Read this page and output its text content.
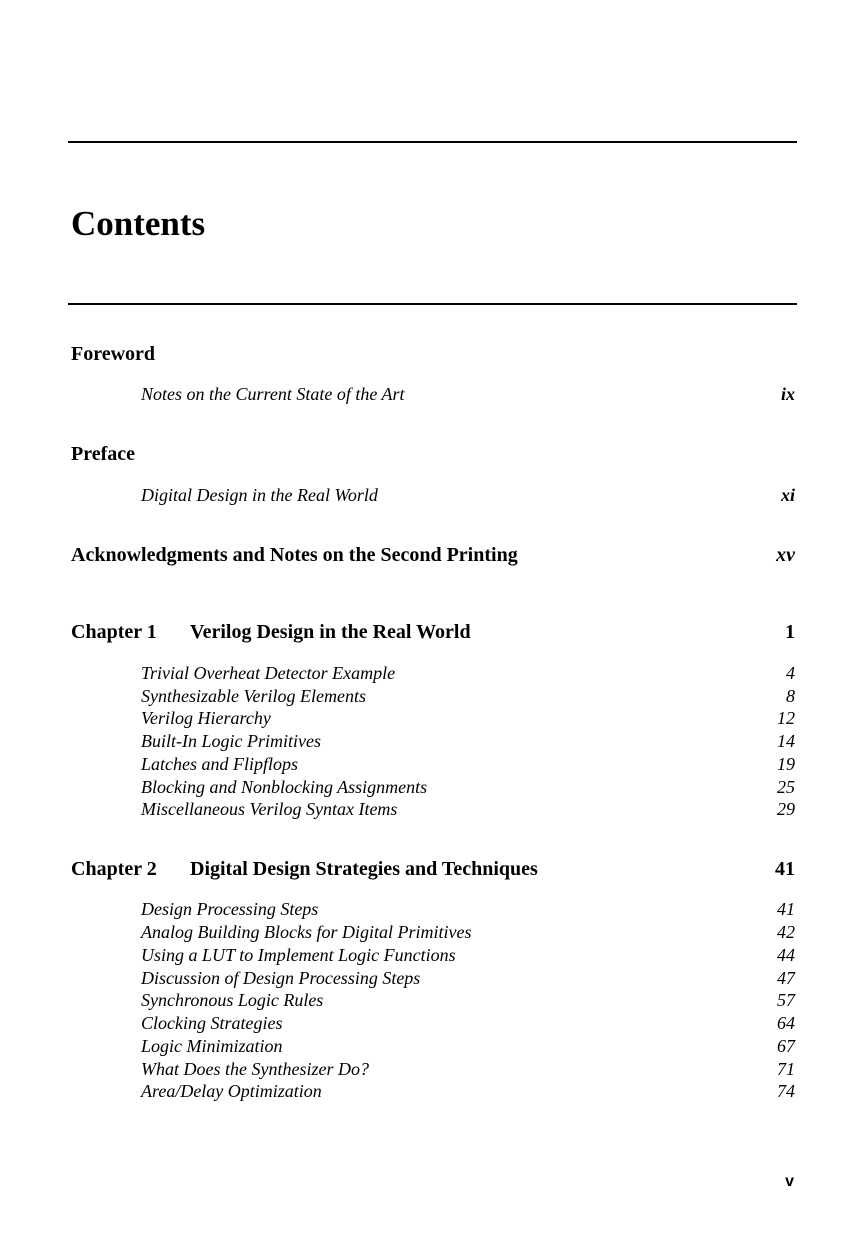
Contents
Foreword
Notes on the Current State of the Art	ix
Preface
Digital Design in the Real World	xi
Acknowledgments and Notes on the Second Printing	xv
Chapter 1 Verilog Design in the Real World	1
Trivial Overheat Detector Example	4
Synthesizable Verilog Elements	8
Verilog Hierarchy	12
Built-In Logic Primitives	14
Latches and Flipflops	19
Blocking and Nonblocking Assignments	25
Miscellaneous Verilog Syntax Items	29
Chapter 2 Digital Design Strategies and Techniques	41
Design Processing Steps	41
Analog Building Blocks for Digital Primitives	42
Using a LUT to Implement Logic Functions	44
Discussion of Design Processing Steps	47
Synchronous Logic Rules	57
Clocking Strategies	64
Logic Minimization	67
What Does the Synthesizer Do?	71
Area/Delay Optimization	74
v
